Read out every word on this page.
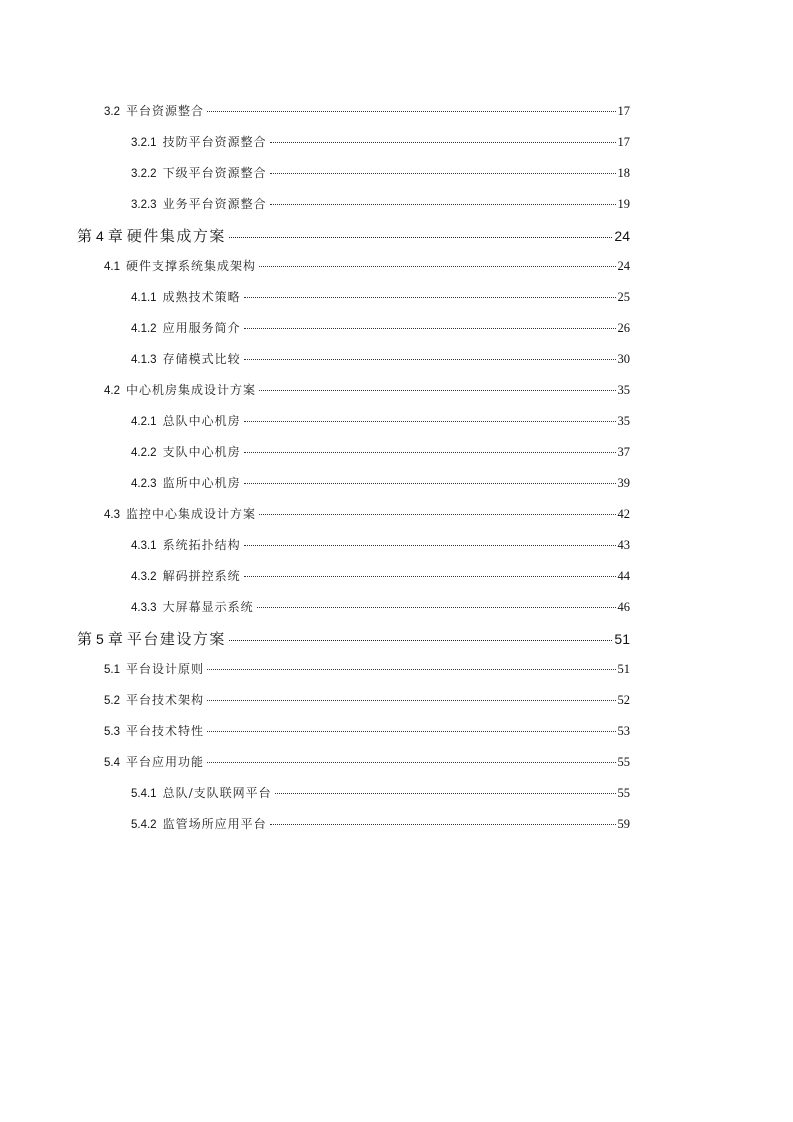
3.2 平台资源整合	17
3.2.1 技防平台资源整合	17
3.2.2 下级平台资源整合	18
3.2.3 业务平台资源整合	19
第 4 章 硬件集成方案	24
4.1 硬件支撑系统集成架构	24
4.1.1 成熟技术策略	25
4.1.2 应用服务简介	26
4.1.3 存储模式比较	30
4.2 中心机房集成设计方案	35
4.2.1 总队中心机房	35
4.2.2 支队中心机房	37
4.2.3 监所中心机房	39
4.3 监控中心集成设计方案	42
4.3.1 系统拓扑结构	43
4.3.2 解码拼控系统	44
4.3.3 大屏幕显示系统	46
第 5 章 平台建设方案	51
5.1 平台设计原则	51
5.2 平台技术架构	52
5.3 平台技术特性	53
5.4 平台应用功能	55
5.4.1 总队/支队联网平台	55
5.4.2 监管场所应用平台	59
